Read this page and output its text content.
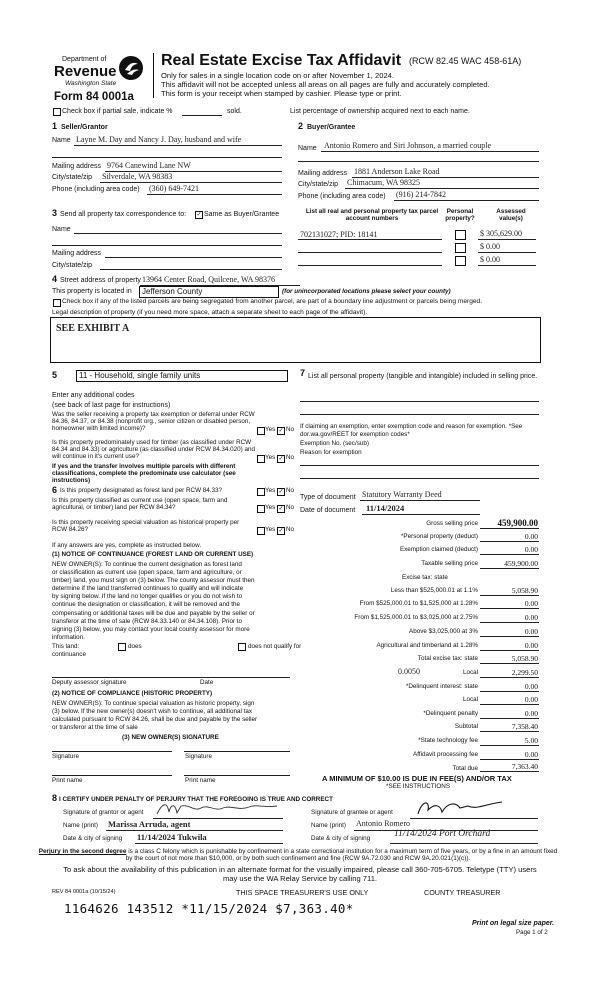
Department of
Revenue
Washington State
Form 84 0001a
Real Estate Excise Tax Affidavit (RCW 82.45 WAC 458-61A)
Only for sales in a single location code on or after November 1, 2024.
This affidavit will not be accepted unless all areas on all pages are fully and accurately completed.
This form is your receipt when stamped by cashier. Please type or print.
Check box if partial sale, indicate %	sold.	List percentage of ownership acquired next to each name.
1 Seller/Grantor
Name Layne M. Day and Nancy J. Day, husband and wife
Mailing address 9764 Canewind Lane NW
City/state/zip Silverdale, WA 98383
Phone (including area code) (360) 649-7421
2 Buyer/Grantee
Name Antonio Romero and Siri Johnson, a married couple
Mailing address 1881 Anderson Lake Road
City/state/zip Chimacum, WA 98325
Phone (including area code) (916) 214-7842
3 Send all property tax correspondence to: ✓ Same as Buyer/Grantee
Name
Mailing address
City/state/zip
List all real and personal property tax parcel account numbers
Personal property?
Assessed value(s)
702131027; PID: 18141	$ 305,629.00
$ 0.00
$ 0.00
4 Street address of property 13964 Center Road, Quilcene, WA 98376
This property is located in Jefferson County	(for unincorporated locations please select your county)
Check box if any of the listed parcels are being segregated from another parcel, are part of a boundary line adjustment or parcels being merged.
Legal description of property (if you need more space, attach a separate sheet to each page of the affidavit).
SEE EXHIBIT A
5	11 - Household, single family units
Enter any additional codes
(see back of last page for instructions)
Was the seller receiving a property tax exemption or deferral under RCW 84.36, 84.37, or 84.38 (nonprofit org., senior citizen or disabled person, homeowner with limited income)?	Yes ✓ No
Is this property predominately used for timber (as classified under RCW 84.34 and 84.33) or agriculture (as classified under RCW 84.34.020) and will continue in it's current use?
If yes and the transfer involves multiple parcels with different classifications, complete the predominate use calculator (see instructions)
Yes ✓ No
6 Is this property designated as forest land per RCW 84.33?	Yes ✓ No
Is this property classified as current use (open space, farm and agricultural, or timber) land per RCW 84.34?	Yes ✓ No
Is this property receiving special valuation as historical property per RCW 84.26?	Yes ✓ No
If any answers are yes, complete as instructed below.
(1) NOTICE OF CONTINUANCE (FOREST LAND OR CURRENT USE)
NEW OWNER(S): To continue the current designation as forest land
or classification as current use (open space, farm and agriculture, or
timber) land, you must sign on (3) below. The county assessor must then
determine if the land transferred continues to qualify and will indicate
by signing below. If the land no longer qualifies or you do not wish to
continue the designation or classification, it will be removed and the
compensating or additional taxes will be due and payable by the seller or
transferor at the time of sale (RCW 84.33.140 or 84.34.108). Prior to
signing (3) below, you may contact your local county assessor for more
information.
This land:	does	does not qualify for
continuance
Deputy assessor signature	Date
(2) NOTICE OF COMPLIANCE (HISTORIC PROPERTY)
NEW OWNER(S): To continue special valuation as historic property, sign
(3) below. If the new owner(s) doesn't wish to continue, all additional tax
calculated pursuant to RCW 84.26, shall be due and payable by the seller
or transferor at the time of sale
(3) NEW OWNER(S) SIGNATURE
Signature	Signature
Print name	Print name
7 List all personal property (tangible and intangible) included in selling price.
If claiming an exemption, enter exemption code and reason for exemption. *See dor.wa.gov/REET for exemption codes*
Exemption No. (sec/sub)
Reason for exemption
Type of document Statutory Warranty Deed
Date of document 11/14/2024
Gross selling price	459,900.00
*Personal property (deduct)	0.00
Exemption claimed (deduct)	0.00
Taxable selling price	459,900.00
Excise tax: state
Less than $525,000.01 at 1.1%	5,058.90
From $525,000.01 to $1,525,000 at 1.28%	0.00
From $1,525,000.01 to $3,025,000 at 2.75%	0.00
Above $3,025,000 at 3%	0.00
Agricultural and timberland at 1.28%	0.00
Total excise tax: state	5,058.90
0.0050	Local	2,299.50
*Delinquent interest: state	0.00
Local	0.00
*Delinquent penalty	0.00
Subtotal	7,358.40
*State technology fee	5.00
Affidavit processing fee	0.00
Total due	7,363.40
A MINIMUM OF $10.00 IS DUE IN FEE(S) AND/OR TAX
*SEE INSTRUCTIONS
8 I CERTIFY UNDER PENALTY OF PERJURY THAT THE FOREGOING IS TRUE AND CORRECT
Signature of grantor or agent	Signature of grantee or agent
Name (print) Marissa Arruda, agent	Name (print) Antonio Romero
Date & city of signing 11/14/2024 Tukwila	Date & city of signing	11/14/2024 Port Orchard
Perjury in the second degree is a class C felony which is punishable by confinement in a state correctional institution for a maximum term of five years, or by a fine in an amount fixed by the court of not more than $10,000, or by both such confinement and fine (RCW 9A.72.030 and RCW 9A.20.021(1)(c)).
To ask about the availability of this publication in an alternate format for the visually impaired, please call 360-705-6705. Teletype (TTY) users may use the WA Relay Service by calling 711.
REV 84 0001a (10/15/24)	THIS SPACE TREASURER'S USE ONLY	COUNTY TREASURER
1164626 143512 *11/15/2024 $7,363.40*
Print on legal size paper.
Page 1 of 2
